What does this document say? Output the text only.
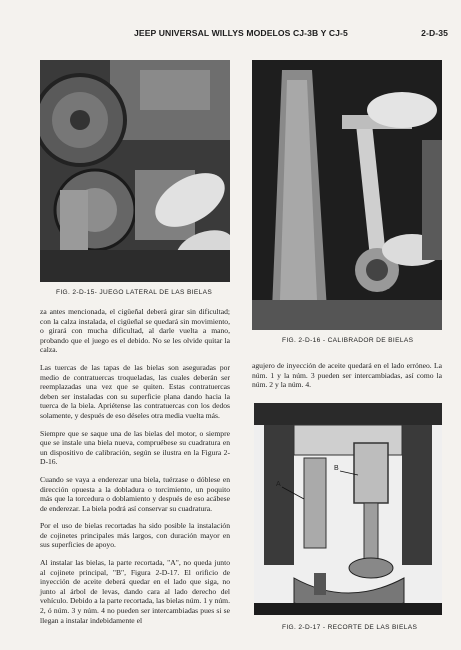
JEEP UNIVERSAL WILLYS MODELOS CJ-3B Y CJ-5	2-D-35
FIG. 2-D-15- JUEGO LATERAL DE LAS BIELAS
FIG. 2-D-16 - CALIBRADOR DE BIELAS

za antes mencionada, el cigüeñal deberá girar sin dificultad; con la calza instalada, el cigüeñal se quedará sin movimiento, o girará con mucha dificultad, al darle vuelta a mano, probando que el juego es el debido. No se les olvide quitar la calza.

Las tuercas de las tapas de las bielas son aseguradas por medio de contratuercas troqueladas, las cuales deberán ser reemplazadas una vez que se quiten. Estas contratuercas deben ser instaladas con su superficie plana dando hacia la tuerca de la biela. Apriétense las contratuercas con los dedos solamente, y después de eso déseles otra media vuelta más.

Siempre que se saque una de las bielas del motor, o siempre que se instale una biela nueva, compruébese su cuadratura en un dispositivo de calibración, según se ilustra en la Figura 2-D-16.

Cuando se vaya a enderezar una biela, tuérzase o dóblese en dirección opuesta a la dobladura o torcimiento, un poquito más que la torcedura o doblamiento y después de eso acábese de enderezar. La biela podrá así conservar su cuadratura.

Por el uso de bielas recortadas ha sido posible la instalación de cojinetes principales más largos, con duración mayor en sus superficies de apoyo.

Al instalar las bielas, la parte recortada, "A", no queda junto al cojinete principal, "B", Figura 2-D-17. El orificio de inyección de aceite deberá quedar en el lado que siga, no junto al árbol de levas, dando cara al lado derecho del vehículo. Debido a la parte recortada, las bielas núm. 1 y núm. 2, ó núm. 3 y núm. 4 no pueden ser intercambiadas pues si se llegan a instalar indebidamente el

agujero de inyección de aceite quedará en el lado erróneo. La núm. 1 y la núm. 3 pueden ser intercambiadas, así como la núm. 2 y la núm. 4.

A
B
FIG. 2-D-17 - RECORTE DE LAS BIELAS
